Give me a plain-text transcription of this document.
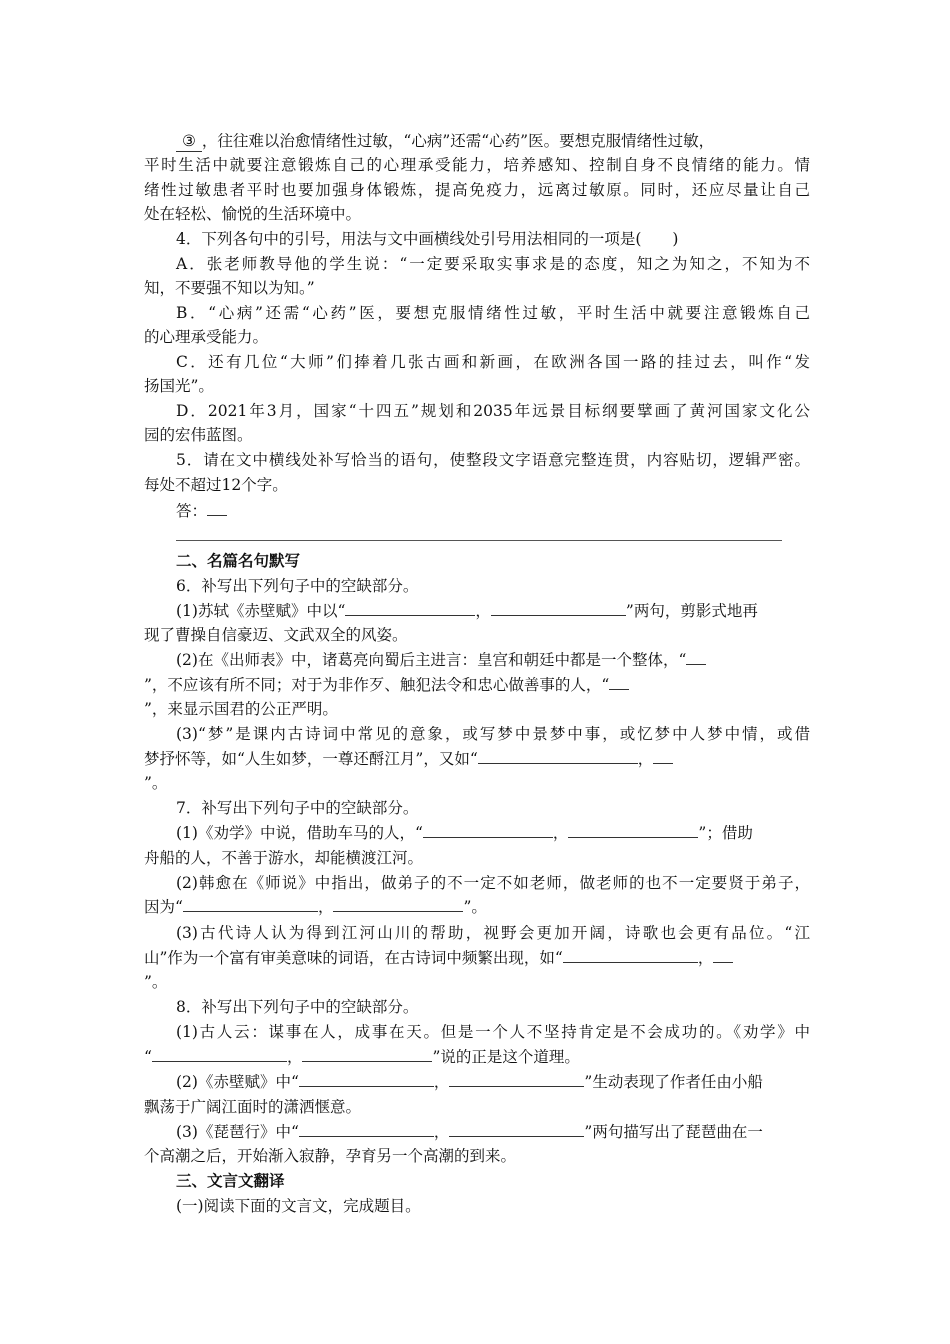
③ ，往往难以治愈情绪性过敏，“心病”还需“心药”医。要想克服情绪性过敏，
平时生活中就要注意锻炼自己的心理承受能力，培养感知、控制自身不良情绪的能力。情
绪性过敏患者平时也要加强身体锻炼，提高免疫力，远离过敏原。同时，还应尽量让自己
处在轻松、愉悦的生活环境中。
4．下列各句中的引号，用法与文中画横线处引号用法相同的一项是(　　)
A．张老师教导他的学生说：“一定要采取实事求是的态度，知之为知之，不知为不
知，不要强不知以为知。”
B．“心病”还需“心药”医，要想克服情绪性过敏，平时生活中就要注意锻炼自己
的心理承受能力。
C．还有几位“大师”们捧着几张古画和新画，在欧洲各国一路的挂过去，叫作“发
扬国光”。
D．2021年3月，国家“十四五”规划和2035年远景目标纲要擘画了黄河国家文化公
园的宏伟蓝图。
5．请在文中横线处补写恰当的语句，使整段文字语意完整连贯，内容贴切，逻辑严密。
每处不超过12个字。
答：
二、名篇名句默写
6．补写出下列句子中的空缺部分。
(1)苏轼《赤壁赋》中以“	，	”两句，剪影式地再
现了曹操自信豪迈、文武双全的风姿。
(2)在《出师表》中，诸葛亮向蜀后主进言：皇宫和朝廷中都是一个整体，“
”，不应该有所不同；对于为非作歹、触犯法令和忠心做善事的人，“
”，来显示国君的公正严明。
(3)“梦”是课内古诗词中常见的意象，或写梦中景梦中事，或忆梦中人梦中情，或借
梦抒怀等，如“人生如梦，一尊还酹江月”，又如“	，
”。
7．补写出下列句子中的空缺部分。
(1)《劝学》中说，借助车马的人，“	，	”；借助
舟船的人，不善于游水，却能横渡江河。
(2)韩愈在《师说》中指出，做弟子的不一定不如老师，做老师的也不一定要贤于弟子，
因为“	，	”。
(3)古代诗人认为得到江河山川的帮助，视野会更加开阔，诗歌也会更有品位。“江
山”作为一个富有审美意味的词语，在古诗词中频繁出现，如“	，
”。
8．补写出下列句子中的空缺部分。
(1)古人云：谋事在人，成事在天。但是一个人不坚持肯定是不会成功的。《劝学》中
“	，	”说的正是这个道理。
(2)《赤壁赋》中“	，	”生动表现了作者任由小船
飘荡于广阔江面时的潇洒惬意。
(3)《琵琶行》中“	，	”两句描写出了琵琶曲在一
个高潮之后，开始渐入寂静，孕育另一个高潮的到来。
三、文言文翻译
(一)阅读下面的文言文，完成题目。
